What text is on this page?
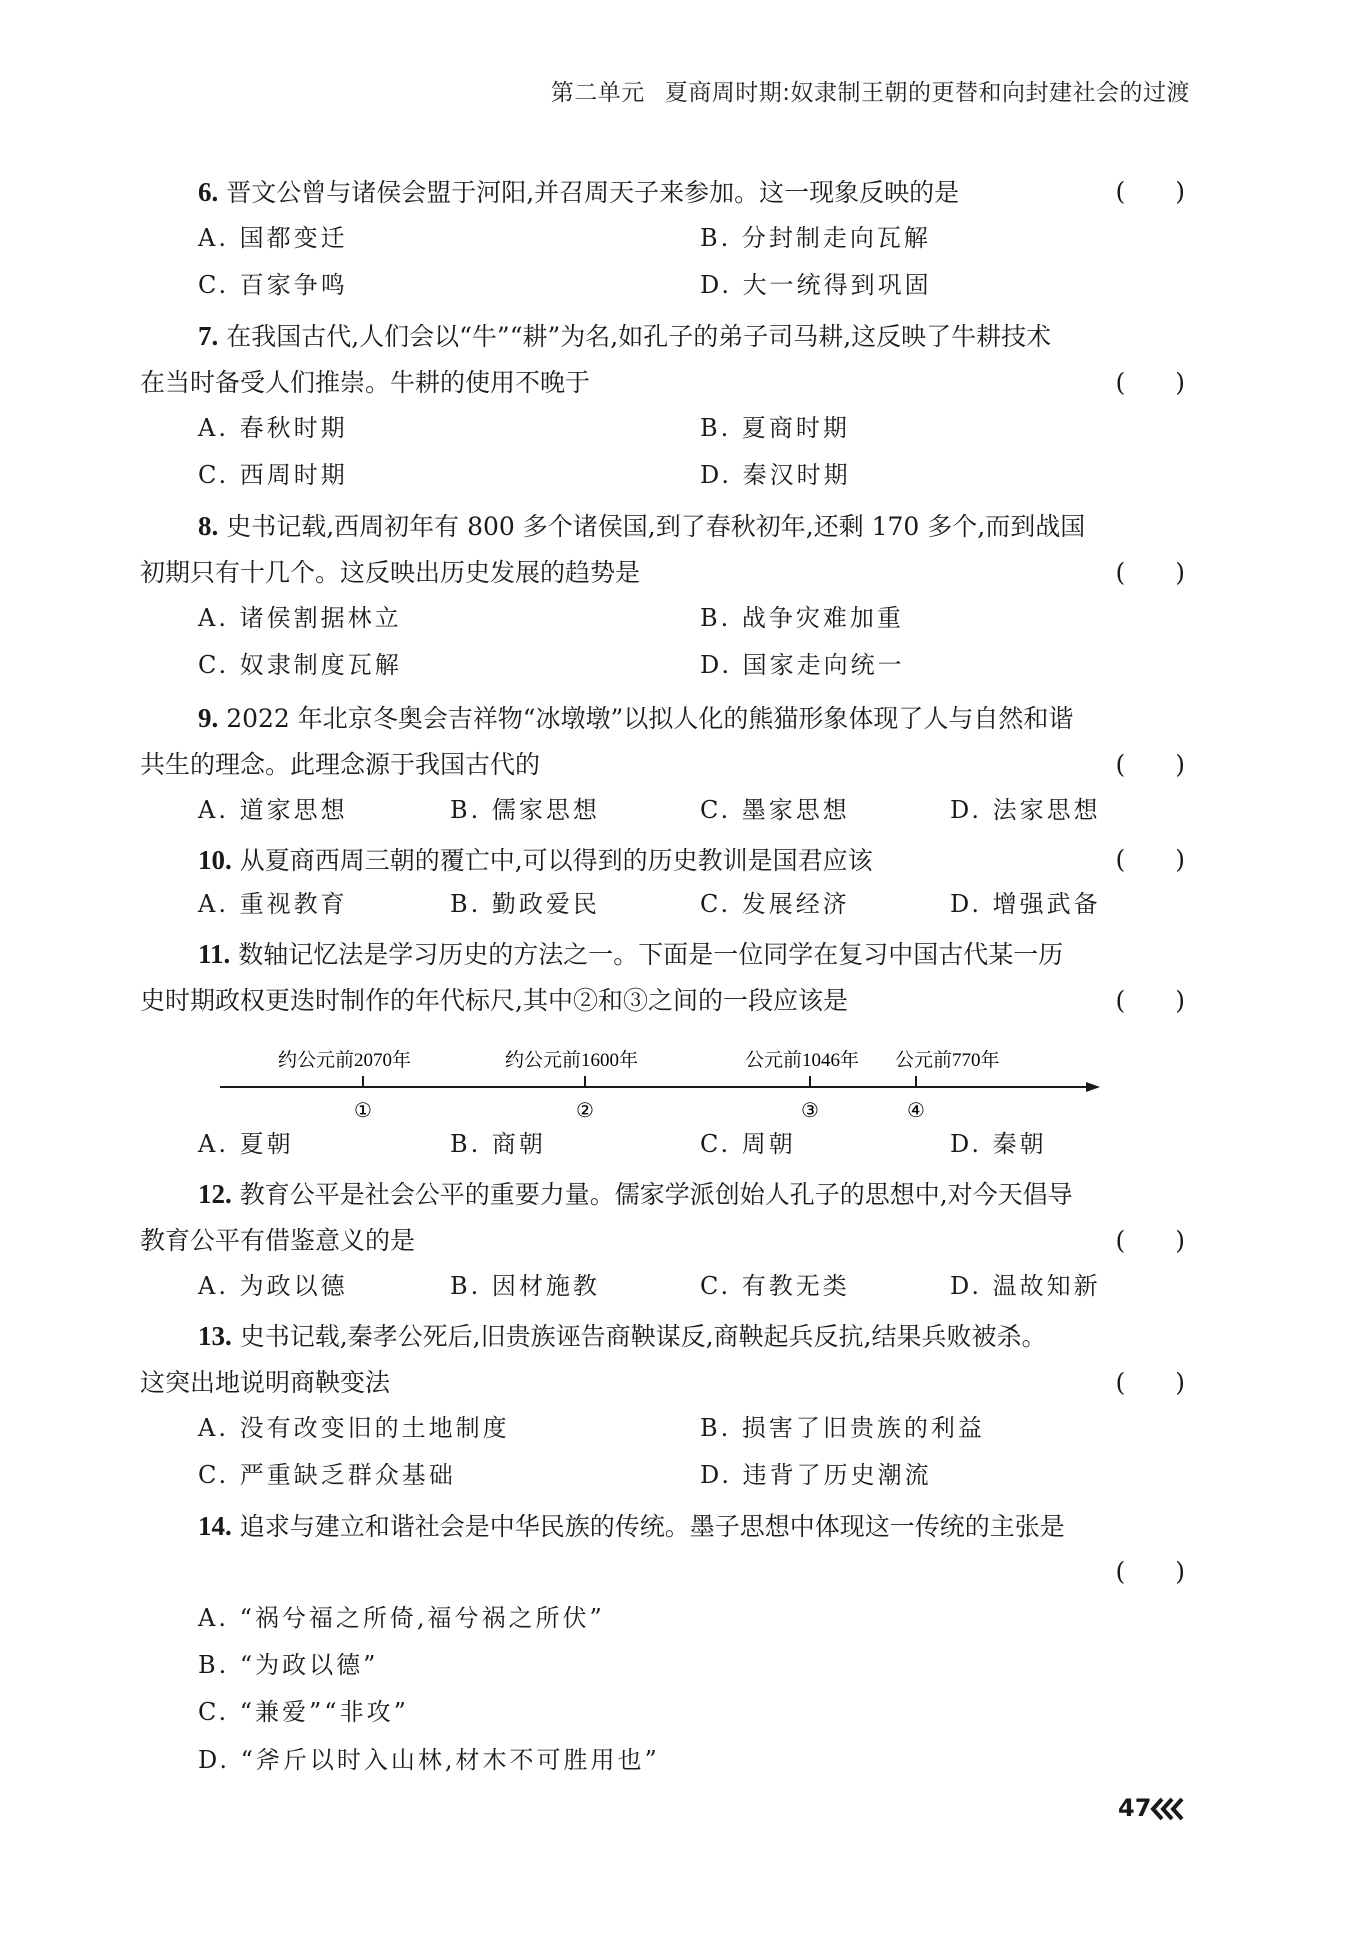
第二单元 夏商周时期:奴隶制王朝的更替和向封建社会的过渡
6. 晋文公曾与诸侯会盟于河阳,并召周天子来参加。这一现象反映的是	(　　)
A. 国都变迁	B. 分封制走向瓦解
C. 百家争鸣	D. 大一统得到巩固
7. 在我国古代,人们会以“牛”“耕”为名,如孔子的弟子司马耕,这反映了牛耕技术
在当时备受人们推崇。牛耕的使用不晚于	(　　)
A. 春秋时期	B. 夏商时期
C. 西周时期	D. 秦汉时期
8. 史书记载,西周初年有 800 多个诸侯国,到了春秋初年,还剩 170 多个,而到战国
初期只有十几个。这反映出历史发展的趋势是	(　　)
A. 诸侯割据林立	B. 战争灾难加重
C. 奴隶制度瓦解	D. 国家走向统一
9. 2022 年北京冬奥会吉祥物“冰墩墩”以拟人化的熊猫形象体现了人与自然和谐
共生的理念。此理念源于我国古代的	(　　)
A. 道家思想	B. 儒家思想	C. 墨家思想	D. 法家思想
10. 从夏商西周三朝的覆亡中,可以得到的历史教训是国君应该	(　　)
A. 重视教育	B. 勤政爱民	C. 发展经济	D. 增强武备
11. 数轴记忆法是学习历史的方法之一。下面是一位同学在复习中国古代某一历
史时期政权更迭时制作的年代标尺,其中②和③之间的一段应该是	(　　)
约公元前2070年	约公元前1600年	公元前1046年 公元前770年
①	②	③	④
A. 夏朝	B. 商朝	C. 周朝	D. 秦朝
12. 教育公平是社会公平的重要力量。儒家学派创始人孔子的思想中,对今天倡导
教育公平有借鉴意义的是	(　　)
A. 为政以德	B. 因材施教	C. 有教无类	D. 温故知新
13. 史书记载,秦孝公死后,旧贵族诬告商鞅谋反,商鞅起兵反抗,结果兵败被杀。
这突出地说明商鞅变法	(　　)
A. 没有改变旧的土地制度	B. 损害了旧贵族的利益
C. 严重缺乏群众基础	D. 违背了历史潮流
14. 追求与建立和谐社会是中华民族的传统。墨子思想中体现这一传统的主张是
(　　)
A. “祸兮福之所倚,福兮祸之所伏”
B. “为政以德”
C. “兼爱”“非攻”
D. “斧斤以时入山林,材木不可胜用也”
47
